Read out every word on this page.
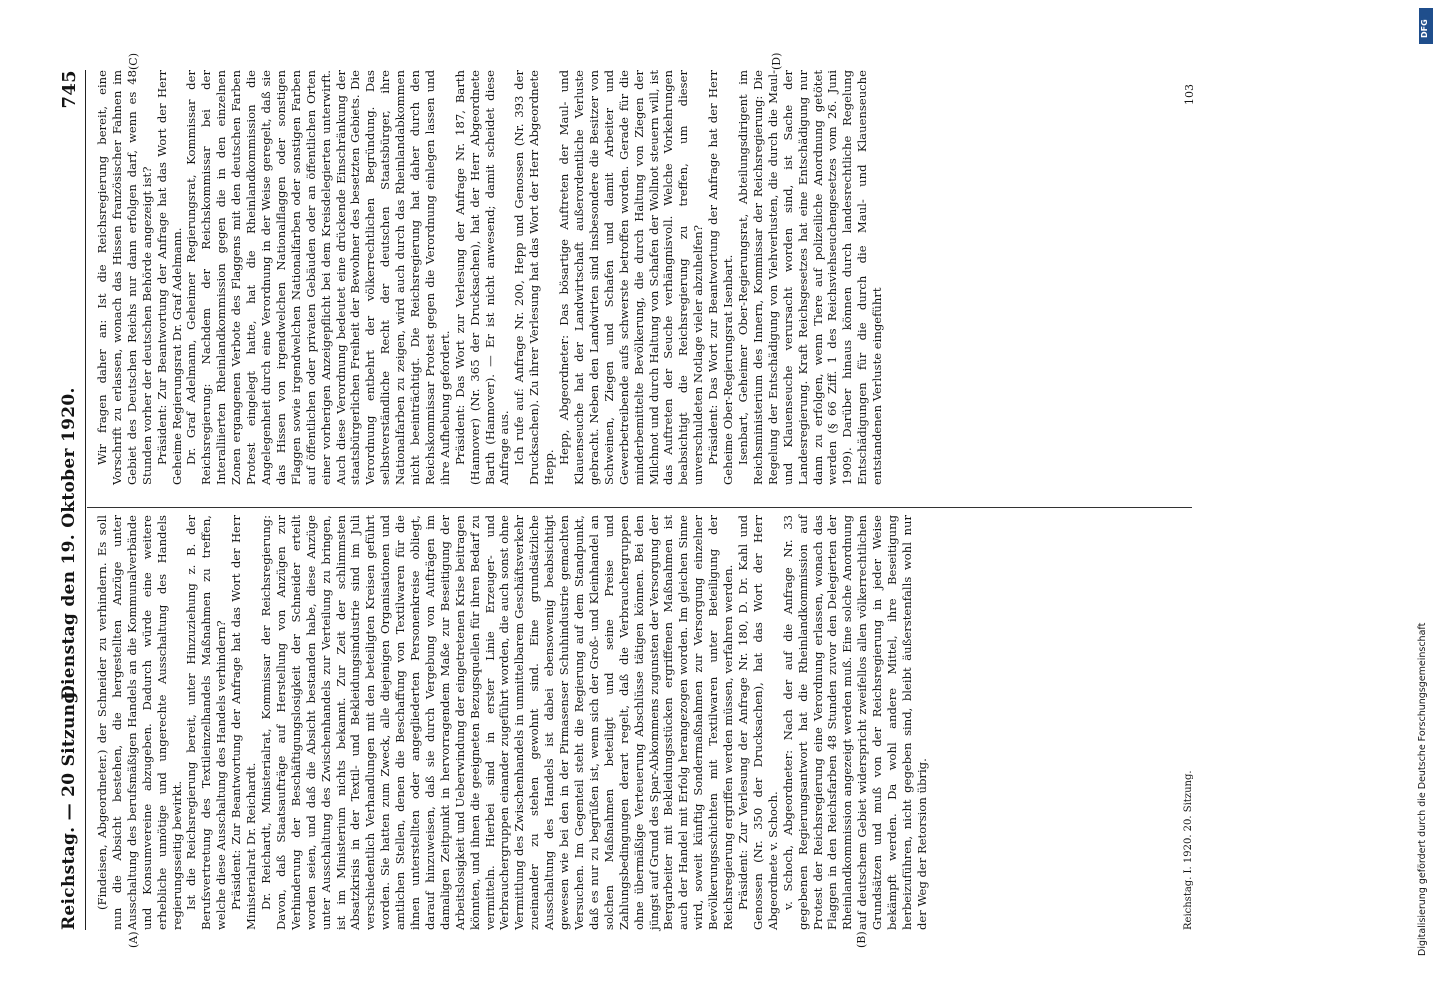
Reichstag. — 20 Sitzung.
Dienstag den 19. Oktober 1920.
745

(Findeisen, Abgeordneter.) der Schneider zu verhindern. Es soll nun die Absicht bestehen, die hergestellten Anzüge unter Ausschaltung des berufsmäßigen Handels an die Kommunalverbände und Konsumvereine abzugeben. Dadurch würde eine weitere erhebliche unnötige und ungerechte Ausschaltung des Handels regierungsseitig bewirkt. Ist die Reichsregierung bereit, unter Hinzuziehung z. B. der Berufsvertretung des Textileinzelhandels Maßnahmen zu treffen, welche diese Ausschaltung des Handels verhindern? Präsident: Zur Beantwortung der Anfrage hat das Wort der Herr Ministerialrat Dr. Reichardt. Dr. Reichardt, Ministerialrat, Kommissar der Reichsregierung: Davon, daß Staatsaufträge auf Herstellung von Anzügen zur Verhinderung der Beschäftigungslosigkeit der Schneider erteilt worden seien, und daß die Absicht bestanden habe, diese Anzüge unter Ausschaltung des Zwischenhandels zur Verteilung zu bringen, ist im Ministerium nichts bekannt. Zur Zeit der schlimmsten Absatzkrisis in der Textil- und Bekleidungsindustrie sind im Juli verschiedentlich Verhandlungen mit den beteiligten Kreisen geführt worden. Sie hatten zum Zweck, alle diejenigen Organisationen und amtlichen Stellen, denen die Beschaffung von Textilwaren für die ihnen unterstellten oder angegliederten Personenkreise obliegt, darauf hinzuweisen, daß sie durch Vergebung von Aufträgen im damaligen Zeitpunkt in hervorragendem Maße zur Beseitigung der Arbeitslosigkeit und Ueberwindung der eingetretenen Krise beitragen könnten, und ihnen die geeigneten Bezugsquellen für ihren Bedarf zu vermitteln. Hierbei sind in erster Linie Erzeuger- und Verbrauchergruppen einander zugeführt worden, die auch sonst ohne Vermittlung des Zwischenhandels in unmittelbarem Geschäftsverkehr zueinander zu stehen gewohnt sind. Eine grundsätzliche Ausschaltung des Handels ist dabei ebensowenig beabsichtigt gewesen wie bei den in der Pirmasenser Schuhindustrie gemachten Versuchen. Im Gegenteil steht die Regierung auf dem Standpunkt, daß es nur zu begrüßen ist, wenn sich der Groß- und Kleinhandel an solchen Maßnahmen beteiligt und seine Preise und Zahlungsbedingungen derart regelt, daß die Verbrauchergruppen ohne übermäßige Verteuerung Abschlüsse tätigen können. Bei den jüngst auf Grund des Spar-Abkommens zugunsten der Versorgung der Bergarbeiter mit Bekleidungsstücken ergriffenen Maßnahmen ist auch der Handel mit Erfolg herangezogen worden. Im gleichen Sinne wird, soweit künftig Sondermaßnahmen zur Versorgung einzelner Bevölkerungsschichten mit Textilwaren unter Beteiligung der Reichsregierung ergriffen werden müssen, verfahren werden. Präsident: Zur Verlesung der Anfrage Nr. 180, D. Dr. Kahl und Genossen (Nr. 350 der Drucksachen), hat das Wort der Herr Abgeordnete v. Schoch. v. Schoch, Abgeordneter: Nach der auf die Anfrage Nr. 33 gegebenen Regierungsantwort hat die Rheinlandkommission auf Protest der Reichsregierung eine Verordnung erlassen, wonach das Flaggen in den Reichsfarben 48 Stunden zuvor den Delegierten der Rheinlandkommission angezeigt werden muß. Eine solche Anordnung auf deutschem Gebiet widerspricht zweifellos allen völkerrechtlichen Grundsätzen und muß von der Reichsregierung in jeder Weise bekämpft werden. Da wohl andere Mittel, ihre Beseitigung herbeizuführen, nicht gegeben sind, bleibt äußerstenfalls wohl nur der Weg der Retorsion übrig.

Wir fragen daher an: Ist die Reichsregierung bereit, eine Vorschrift zu erlassen, wonach das Hissen französischer Fahnen im Gebiet des Deutschen Reichs nur dann erfolgen darf, wenn es 48 Stunden vorher der deutschen Behörde angezeigt ist? Präsident: Zur Beantwortung der Anfrage hat das Wort der Herr Geheime Regierungsrat Dr. Graf Adelmann. Dr. Graf Adelmann, Geheimer Regierungsrat, Kommissar der Reichsregierung: Nachdem der Reichskommissar bei der Interalliierten Rheinlandkommission gegen die in den einzelnen Zonen ergangenen Verbote des Flaggens mit den deutschen Farben Protest eingelegt hatte, hat die Rheinlandkommission die Angelegenheit durch eine Verordnung in der Weise geregelt, daß sie das Hissen von irgendwelchen Nationalflaggen oder sonstigen Flaggen sowie irgendwelchen Nationalfarben oder sonstigen Farben auf öffentlichen oder privaten Gebäuden oder an öffentlichen Orten einer vorherigen Anzeigepflicht bei dem Kreisdelegierten unterwirft. Auch diese Verordnung bedeutet eine drückende Einschränkung der staatsbürgerlichen Freiheit der Bewohner des besetzten Gebiets. Die Verordnung entbehrt der völkerrechtlichen Begründung. Das selbstverständliche Recht der deutschen Staatsbürger, ihre Nationalfarben zu zeigen, wird auch durch das Rheinlandabkommen nicht beeinträchtigt. Die Reichsregierung hat daher durch den Reichskommissar Protest gegen die Verordnung einlegen lassen und ihre Aufhebung gefordert. Präsident: Das Wort zur Verlesung der Anfrage Nr. 187, Barth (Hannover) (Nr. 365 der Drucksachen), hat der Herr Abgeordnete Barth (Hannover). — Er ist nicht anwesend; damit scheidet diese Anfrage aus. Ich rufe auf: Anfrage Nr. 200, Hepp und Genossen (Nr. 393 der Drucksachen). Zu ihrer Verlesung hat das Wort der Herr Abgeordnete Hepp.

Hepp, Abgeordneter: Das bösartige Auftreten der Maul- und Klauenseuche hat der Landwirtschaft außerordentliche Verluste gebracht. Neben den Landwirten sind insbesondere die Besitzer von Schweinen, Ziegen und Schafen und damit Arbeiter und Gewerbetreibende aufs schwerste betroffen worden. Gerade für die minderbemittelte Bevölkerung, die durch Haltung von Ziegen der Milchnot und durch Haltung von Schafen der Wollnot steuern will, ist das Auftreten der Seuche verhängnisvoll. Welche Vorkehrungen beabsichtigt die Reichsregierung zu treffen, um dieser unverschuldeten Notlage vieler abzuhelfen? Präsident: Das Wort zur Beantwortung der Anfrage hat der Herr Geheime Ober-Regierungsrat Isenbart. Isenbart, Geheimer Ober-Regierungsrat, Abteilungsdirigent im Reichsministerium des Innern, Kommissar der Reichsregierung: Die Regelung der Entschädigung von Viehverlusten, die durch die Maul- und Klauenseuche verursacht worden sind, ist Sache der Landesregierung. Kraft Reichsgesetzes hat eine Entschädigung nur dann zu erfolgen, wenn Tiere auf polizeiliche Anordnung getötet werden (§ 66 Ziff. 1 des Reichsviehseuchengesetzes vom 26. Juni 1909). Darüber hinaus können durch landesrechtliche Regelung Entschädigungen für die durch die Maul- und Klauenseuche entstandenen Verluste eingeführt

(A)	(B)
(C)	(D)
Reichstag. I. 1920. 20. Sitzung.
103
Digitalisierung gefördert durch die Deutsche Forschungsgemeinschaft
DFG
